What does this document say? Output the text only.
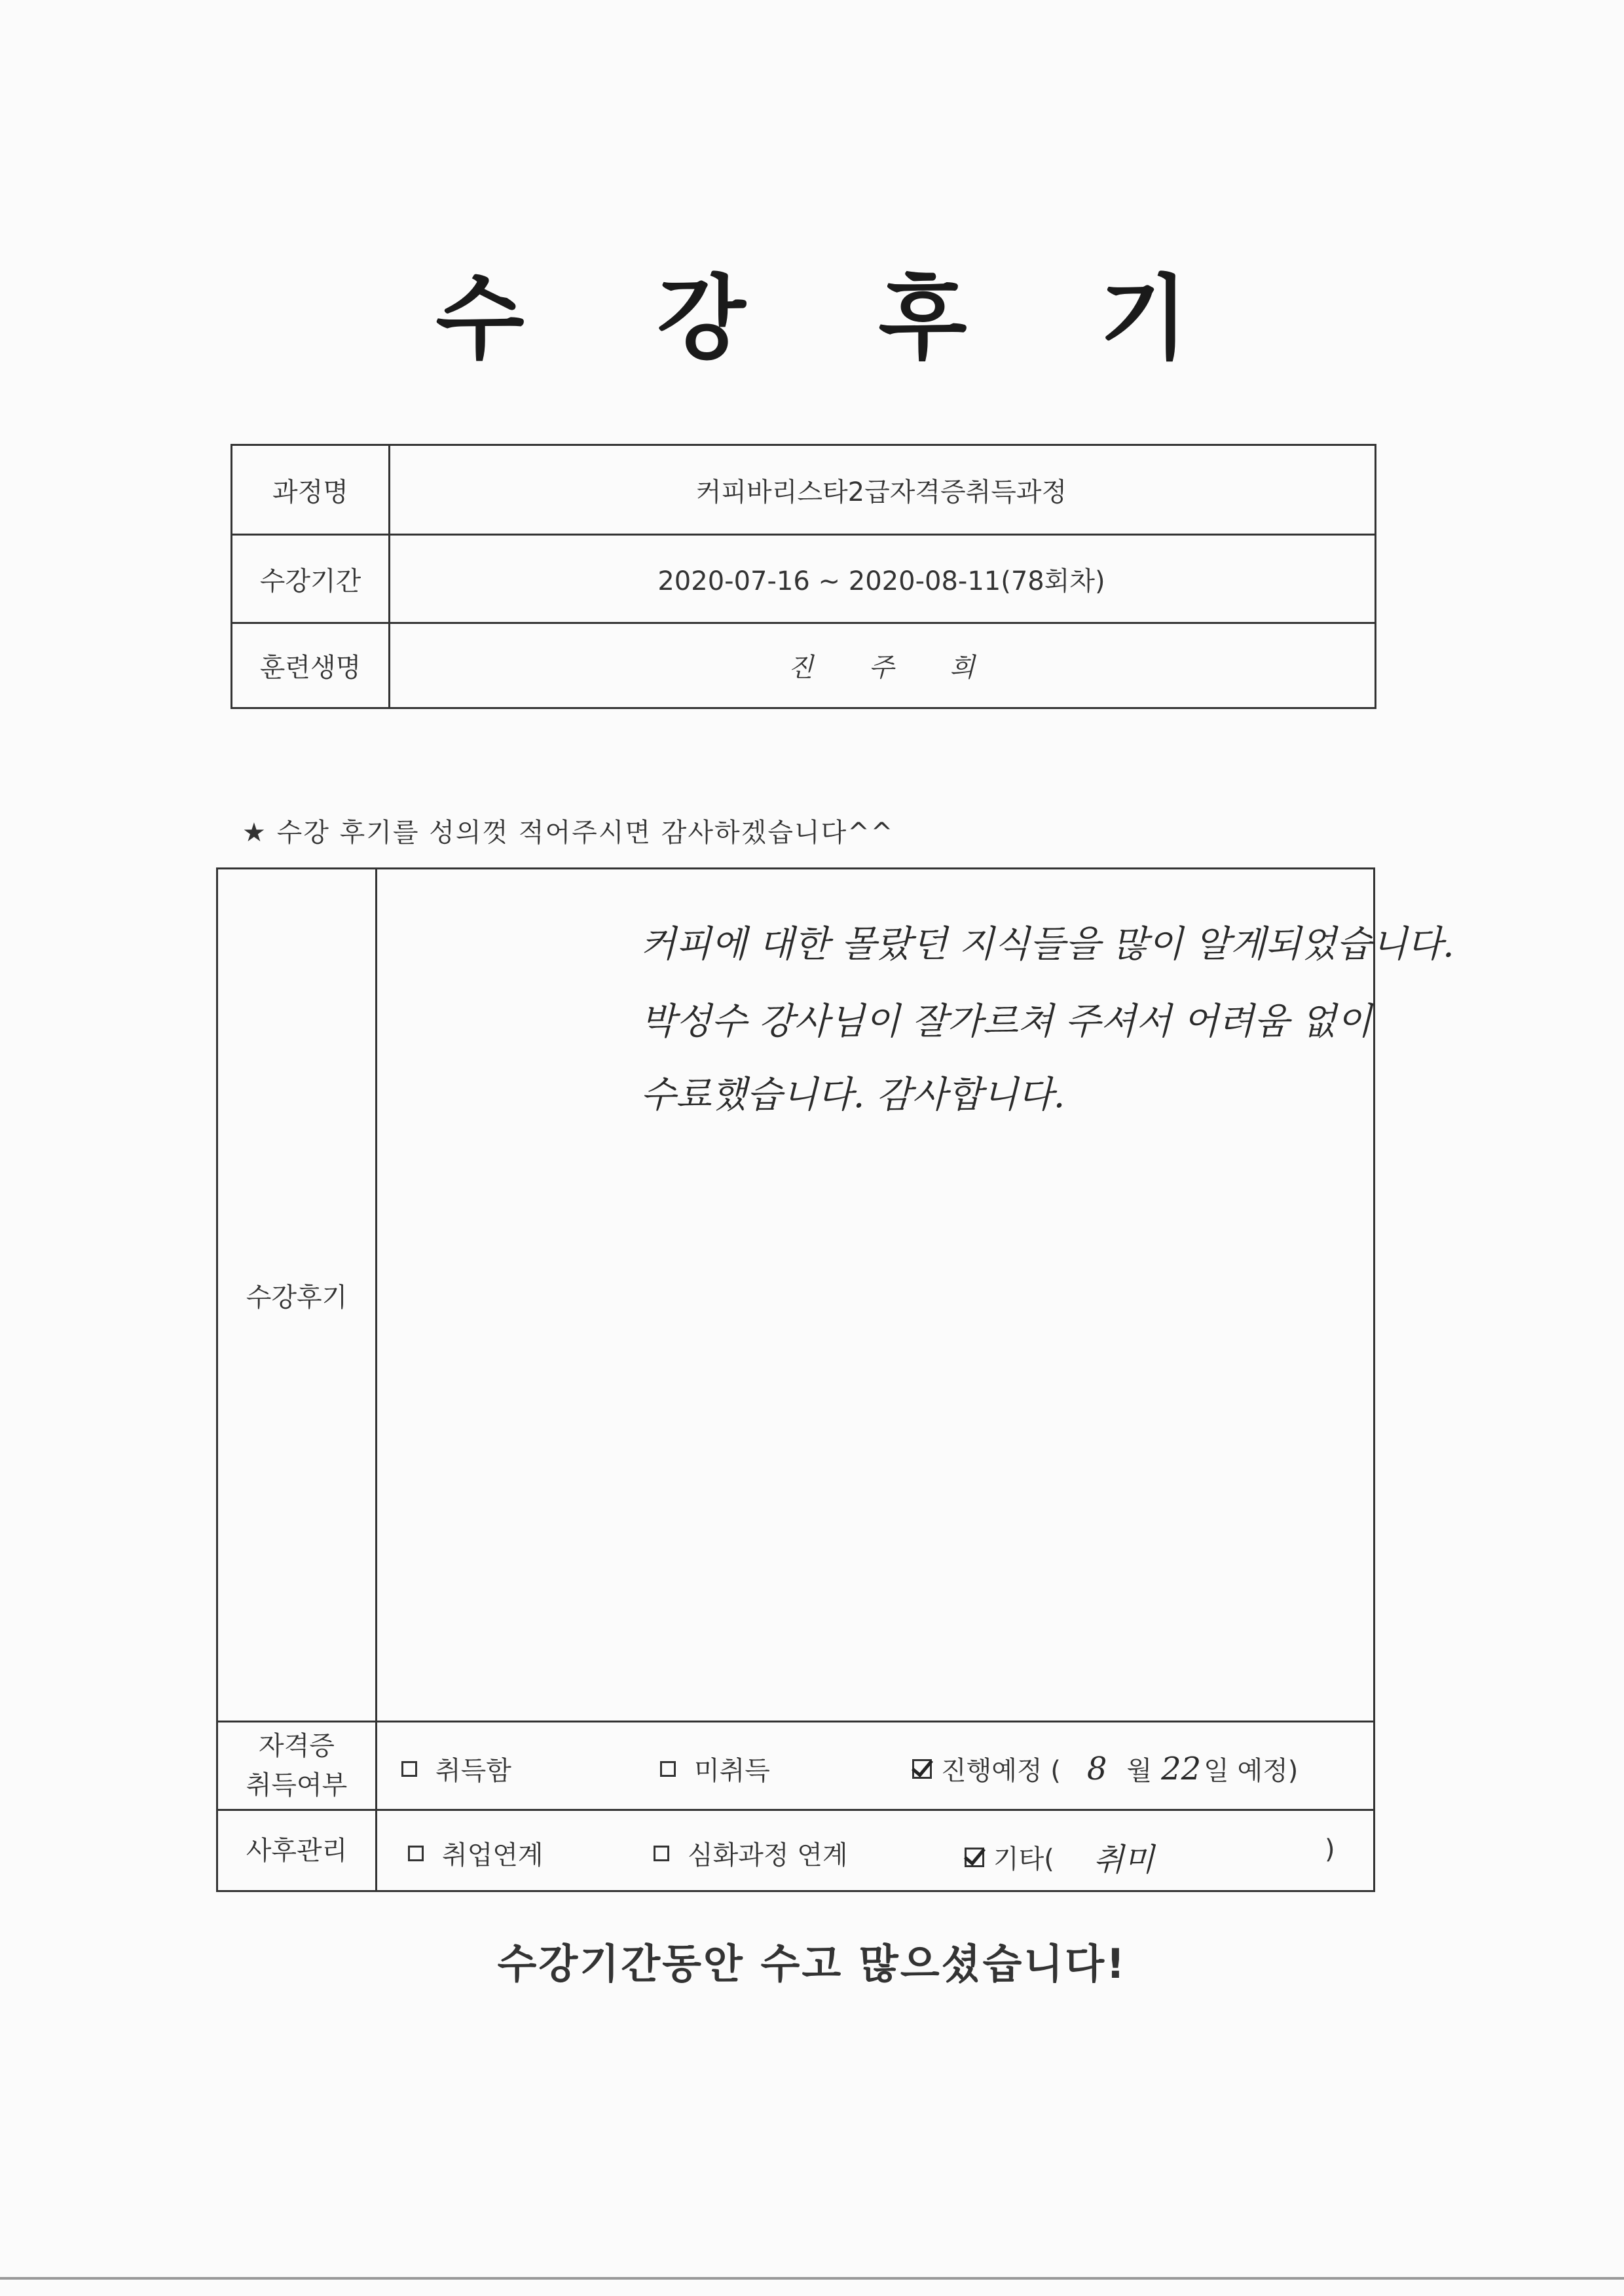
수 강 후 기
과정명	커피바리스타2급자격증취득과정
수강기간	2020-07-16 ~ 2020-08-11(78회차)
훈련생명	진 주 희
★ 수강 후기를 성의껏 적어주시면 감사하겠습니다^^
수강후기
커피에 대한 몰랐던 지식들을 많이 알게되었습니다.
박성수 강사님이 잘가르쳐 주셔서 어려움 없이
수료했습니다. 감사합니다.
자격증
취득여부	취득함	미취득	진행예정 ( 8 월 22 일 예정)
사후관리	취업연계	심화과정 연계	기타( 취미	)
수강기간동안 수고 많으셨습니다!
